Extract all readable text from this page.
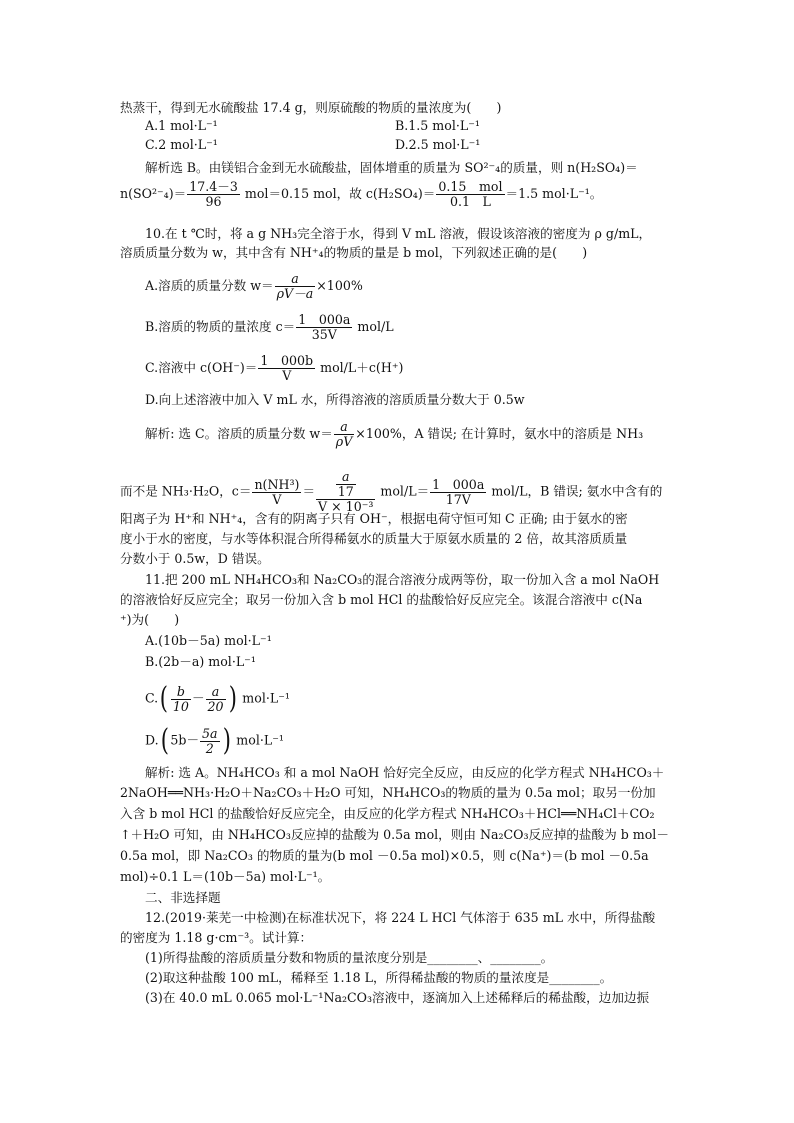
热蒸干，得到无水硫酸盐 17.4 g，则原硫酸的物质的量浓度为(　　)
A.1 mol·L⁻¹	B.1.5 mol·L⁻¹
C.2 mol·L⁻¹	D.2.5 mol·L⁻¹
解析选 B。由镁铝合金到无水硫酸盐，固体增重的质量为 SO²⁻₄的质量，则 n(H₂SO₄)＝
$n(SO^{2-}_4)= \frac{17.4-3}{96} mol=0.15$ mol，故 $c(H_2SO_4)= \frac{\text{0.15　mol}}{0.1 L} =1.5$ mol·L⁻¹。
10.在 t ℃时，将 a g NH₃完全溶于水，得到 V mL 溶液，假设该溶液的密度为 ρ g/mL，
溶质质量分数为 w，其中含有 NH⁺₄的物质的量是 b mol，下列叙述正确的是(　　)
A.溶质的质量分数 $w= \frac{a}{\rho V-a} \times 100\%$
B.溶质的物质的量浓度 $c= \frac{1 000a}{35V} mol/L$
C.溶液中 $c(OH^-)= \frac{1 000b}{V} mol/L+c(H^+)$
D.向上述溶液中加入 V mL 水，所得溶液的溶质质量分数大于 0.5w
解析: 选 C。溶质的质量分数 $w= \frac{a}{\rho V} \times 100\%$，A 错误; 在计算时，氨水中的溶质是 NH₃
而不是 NH₃·H₂O，$c= \frac{\text{n(NH³)}}{V} = \frac{\frac{a}{17}}{\text{V × 10⁻³}} mol/L= \frac{1 000a}{17V} mol/L$，B 错误; 氨水中含有的
阳离子为 H⁺和 NH⁺₄，含有的阴离子只有 OH⁻，根据电荷守恒可知 C 正确; 由于氨水的密
度小于水的密度，与水等体积混合所得稀氨水的质量大于原氨水质量的 2 倍，故其溶质质量
分数小于 0.5w，D 错误。
11.把 200 mL NH₄HCO₃和 Na₂CO₃的混合溶液分成两等份，取一份加入含 a mol NaOH
的溶液恰好反应完全；取另一份加入含 b mol HCl 的盐酸恰好反应完全。该混合溶液中 c(Na
⁺)为(　　)
A.(10b－5a) mol·L⁻¹
B.(2b－a) mol·L⁻¹
$C.( \frac{b}{10} - \frac{a}{20}$ ) mol·L⁻¹
D.( $5b- \frac{5a}{2}$ ) mol·L⁻¹
解析: 选 A。NH₄HCO₃ 和 a mol NaOH 恰好完全反应，由反应的化学方程式 NH₄HCO₃＋
2NaOH══NH₃·H₂O＋Na₂CO₃＋H₂O 可知，NH₄HCO₃的物质的量为 0.5a mol；取另一份加
入含 b mol HCl 的盐酸恰好反应完全，由反应的化学方程式 NH₄HCO₃＋HCl══NH₄Cl＋CO₂
↑＋H₂O 可知，由 NH₄HCO₃反应掉的盐酸为 0.5a mol，则由 Na₂CO₃反应掉的盐酸为 b mol－
0.5a mol，即 Na₂CO₃ 的物质的量为(b mol －0.5a mol)×0.5，则 c(Na⁺)＝(b mol －0.5a
mol)÷0.1 L＝(10b－5a) mol·L⁻¹。
二、非选择题
12.(2019·莱芜一中检测)在标准状况下，将 224 L HCl 气体溶于 635 mL 水中，所得盐酸
的密度为 1.18 g·cm⁻³。试计算：
(1)所得盐酸的溶质质量分数和物质的量浓度分别是________、________。
(2)取这种盐酸 100 mL，稀释至 1.18 L，所得稀盐酸的物质的量浓度是________。
(3)在 40.0 mL 0.065 mol·L⁻¹Na₂CO₃溶液中，逐滴加入上述稀释后的稀盐酸，边加边振
